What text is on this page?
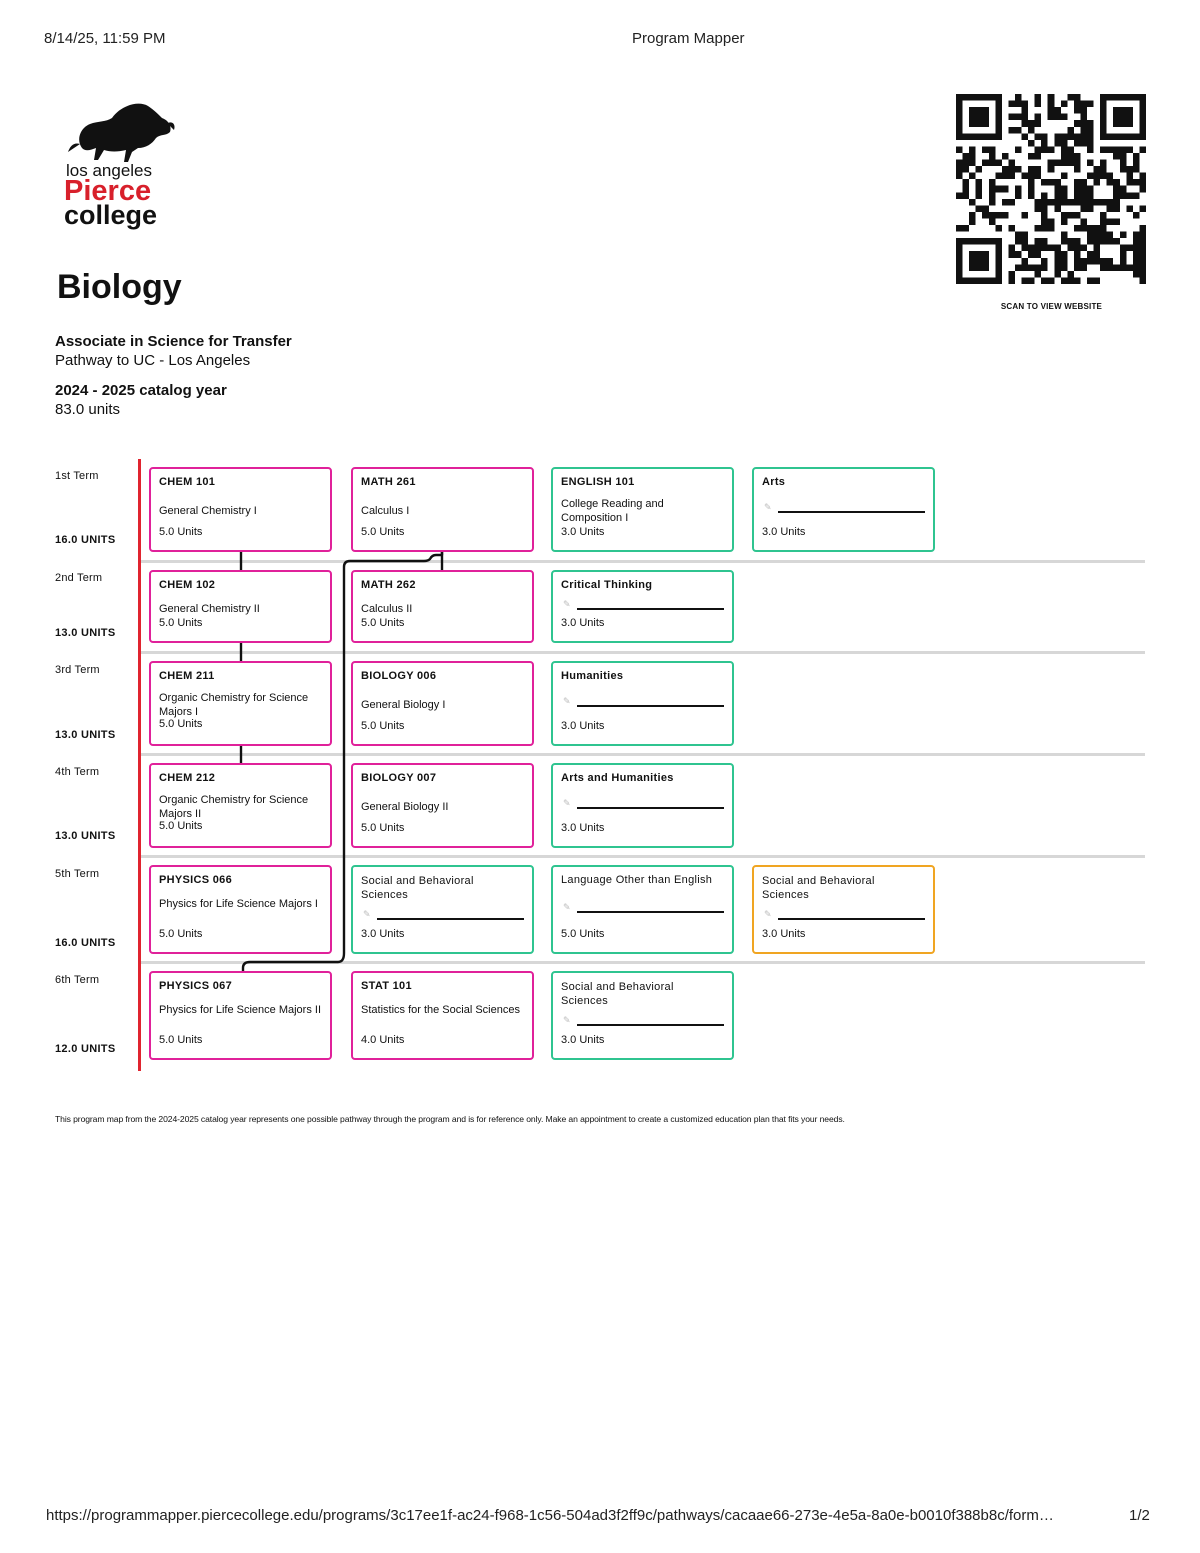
8/14/25, 11:59 PM	Program Mapper
los angeles
Pierce
college
Biology
Associate in Science for Transfer
Pathway to UC - Los Angeles
2024 - 2025 catalog year
83.0 units
SCAN TO VIEW WEBSITE
1st Term
16.0 UNITS
2nd Term
13.0 UNITS
3rd Term
13.0 UNITS
4th Term
13.0 UNITS
5th Term
16.0 UNITS
6th Term
12.0 UNITS
CHEM 101
General Chemistry I
5.0 Units
MATH 261
Calculus I
5.0 Units
ENGLISH 101
College Reading and Composition I
3.0 Units
Arts
✎
3.0 Units
CHEM 102
General Chemistry II
5.0 Units
MATH 262
Calculus II
5.0 Units
Critical Thinking
✎
3.0 Units
CHEM 211
Organic Chemistry for Science Majors I
5.0 Units
BIOLOGY 006
General Biology I
5.0 Units
Humanities
✎
3.0 Units
CHEM 212
Organic Chemistry for Science Majors II
5.0 Units
BIOLOGY 007
General Biology II
5.0 Units
Arts and Humanities
✎
3.0 Units
PHYSICS 066
Physics for Life Science Majors I
5.0 Units
Social and Behavioral Sciences
✎
3.0 Units
Language Other than English
✎
5.0 Units
Social and Behavioral Sciences
✎
3.0 Units
PHYSICS 067
Physics for Life Science Majors II
5.0 Units
STAT 101
Statistics for the Social Sciences
4.0 Units
Social and Behavioral Sciences
✎
3.0 Units
This program map from the 2024-2025 catalog year represents one possible pathway through the program and is for reference only. Make an appointment to create a customized education plan that fits your needs.
https://programmapper.piercecollege.edu/programs/3c17ee1f-ac24-f968-1c56-504ad3f2ff9c/pathways/cacaae66-273e-4e5a-8a0e-b0010f388b8c/form…	1/2
